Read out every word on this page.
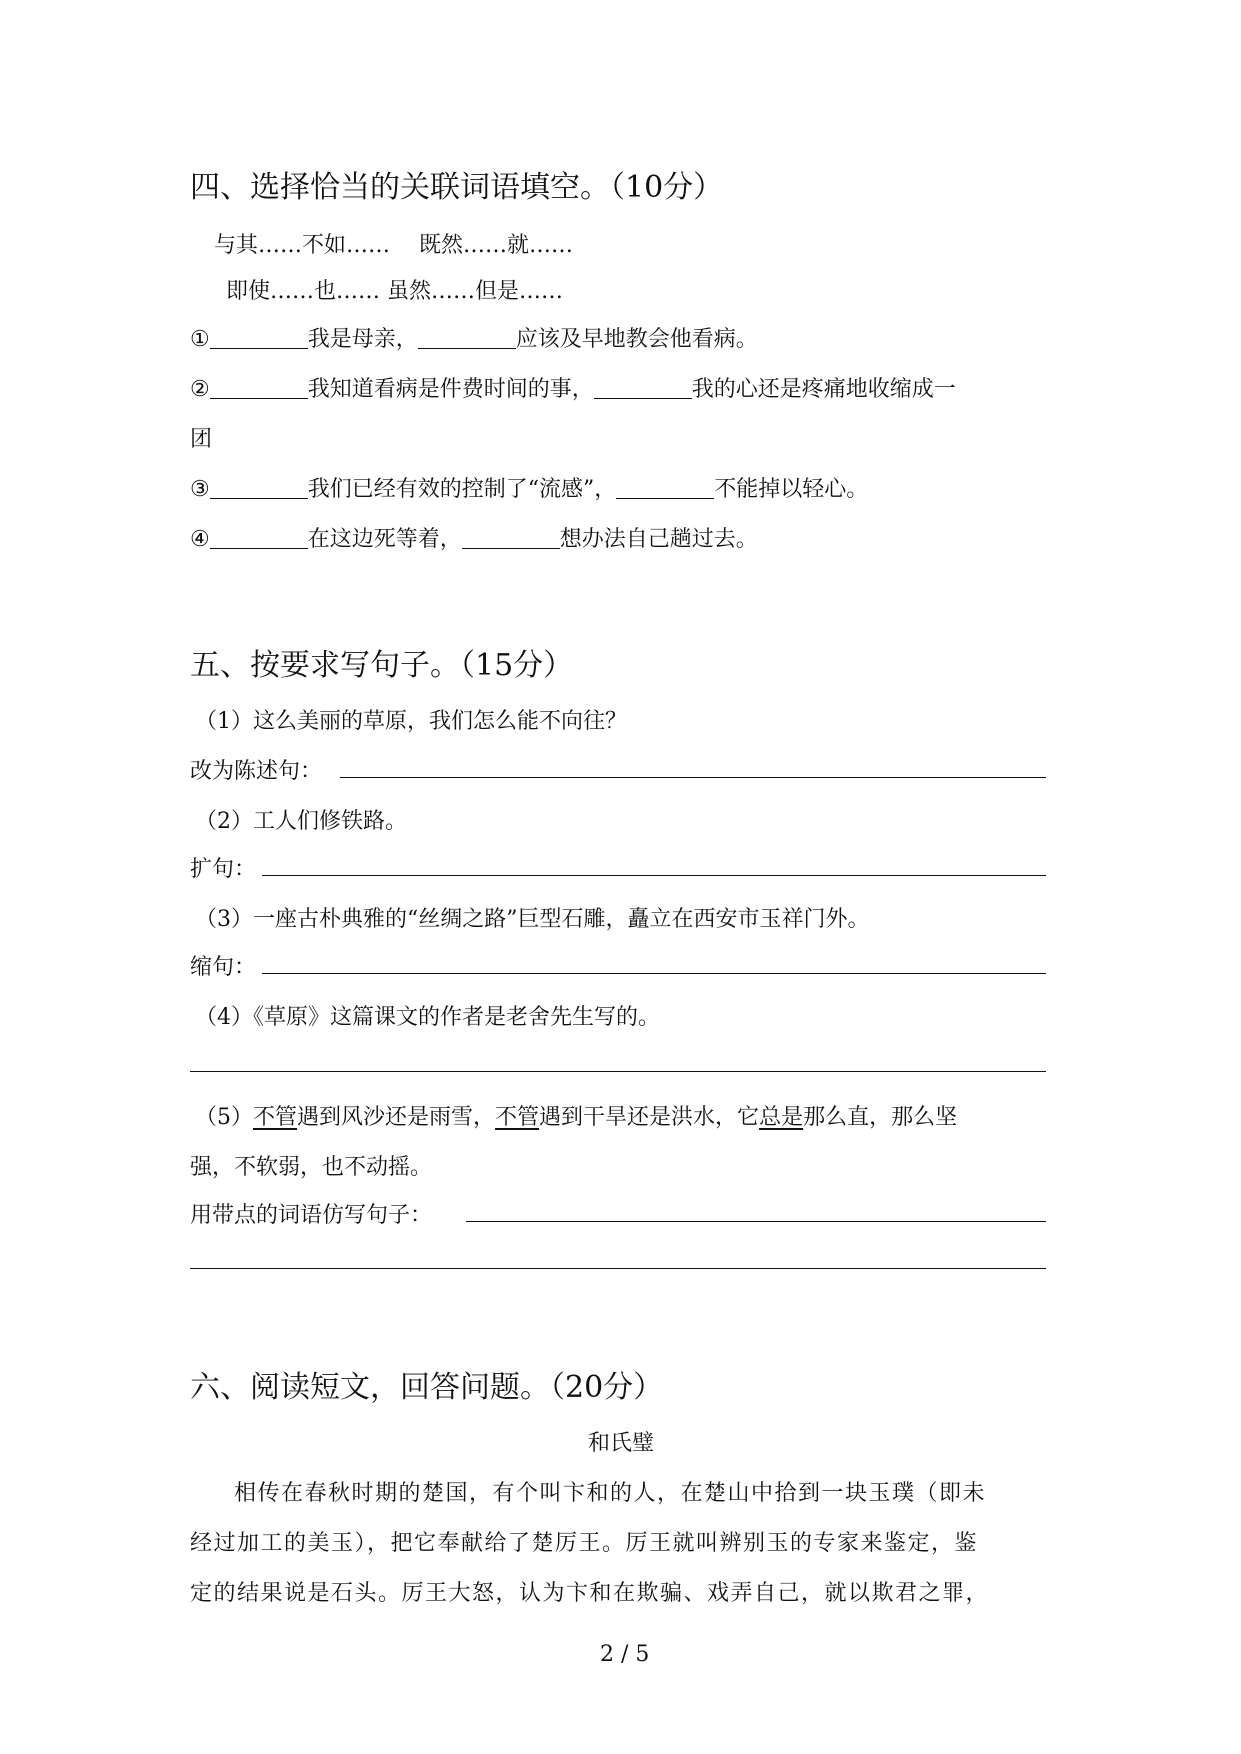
四、选择恰当的关联词语填空。（10分）
与其……不如……　 既然……就……
即使……也…… 虽然……但是……
①	我是母亲，	应该及早地教会他看病。
②	我知道看病是件费时间的事，	我的心还是疼痛地收缩成一
团
③	我们已经有效的控制了“流感”，	不能掉以轻心。
④	在这边死等着，	想办法自己趟过去。
五、按要求写句子。（15分）
（1）这么美丽的草原，我们怎么能不向往？
改为陈述句：
（2）工人们修铁路。
扩句：
（3）一座古朴典雅的“丝绸之路”巨型石雕，矗立在西安市玉祥门外。
缩句：
（4）《草原》这篇课文的作者是老舍先生写的。
（5）不管遇到风沙还是雨雪，不管遇到干旱还是洪水，它总是那么直，那么坚
强，不软弱，也不动摇。
用带点的词语仿写句子：
六、阅读短文，回答问题。（20分）
和氏璧
相传在春秋时期的楚国，有个叫卞和的人，在楚山中拾到一块玉璞（即未
经过加工的美玉），把它奉献给了楚厉王。厉王就叫辨别玉的专家来鉴定，鉴
定的结果说是石头。厉王大怒，认为卞和在欺骗、戏弄自己，就以欺君之罪，
2 / 5
